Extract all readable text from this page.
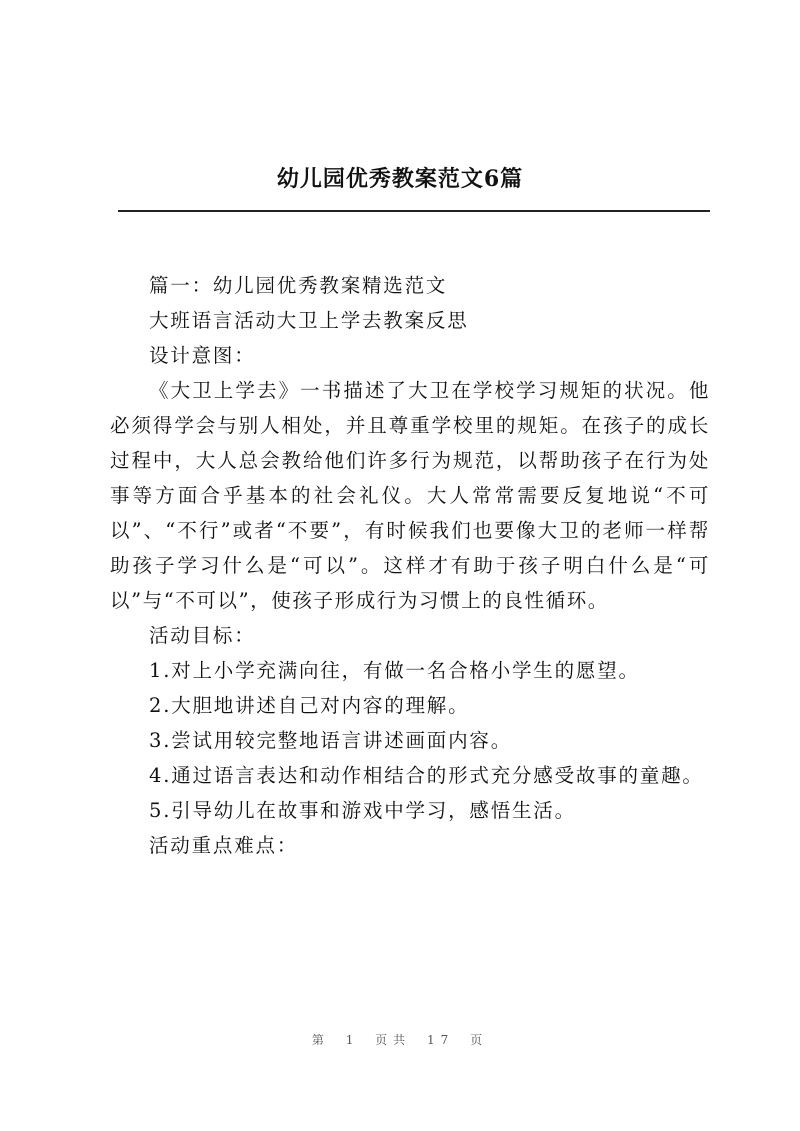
幼儿园优秀教案范文6篇

篇一：幼儿园优秀教案精选范文

大班语言活动大卫上学去教案反思

设计意图：

《大卫上学去》一书描述了大卫在学校学习规矩的状况。他必须得学会与别人相处，并且尊重学校里的规矩。在孩子的成长过程中，大人总会教给他们许多行为规范，以帮助孩子在行为处事等方面合乎基本的社会礼仪。大人常常需要反复地说“不可以”、“不行”或者“不要”，有时候我们也要像大卫的老师一样帮助孩子学习什么是“可以”。这样才有助于孩子明白什么是“可以”与“不可以”，使孩子形成行为习惯上的良性循环。

活动目标：

1.对上小学充满向往，有做一名合格小学生的愿望。

2.大胆地讲述自己对内容的理解。

3.尝试用较完整地语言讲述画面内容。

4.通过语言表达和动作相结合的形式充分感受故事的童趣。

5.引导幼儿在故事和游戏中学习，感悟生活。

活动重点难点：

第 1 页共 17 页
